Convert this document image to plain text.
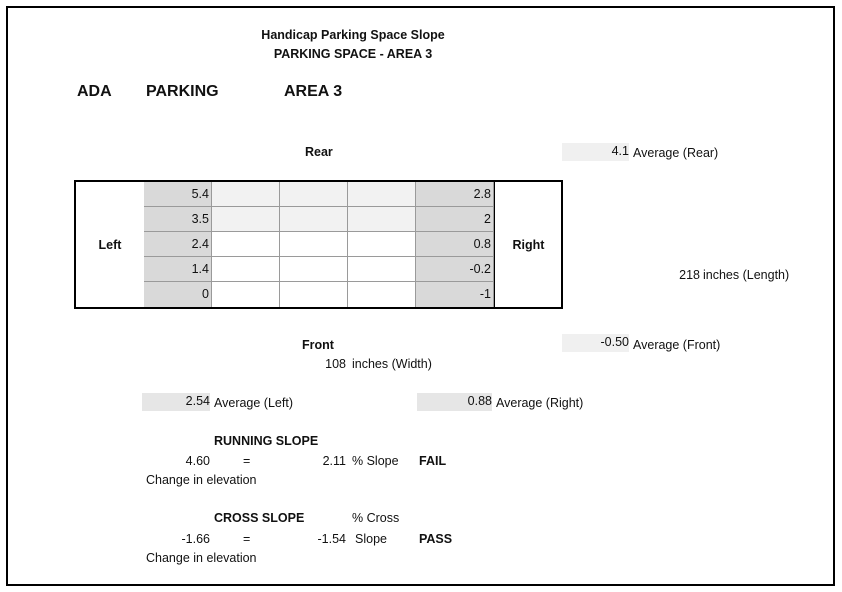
Handicap Parking Space Slope
PARKING SPACE - AREA 3
ADA PARKING	AREA 3
Rear	4.1 Average (Rear)
Left	Right
5.4	2.8
3.5	2
2.4	0.8
1.4	-0.2
0	-1
218 inches (Length)
Front	-0.50 Average (Front)
108 inches (Width)
2.54 Average (Left)	0.88 Average (Right)
RUNNING SLOPE
4.60	=	2.11 % Slope FAIL
Change in elevation
CROSS SLOPE	% Cross
-1.66	=	-1.54 Slope	PASS
Change in elevation
